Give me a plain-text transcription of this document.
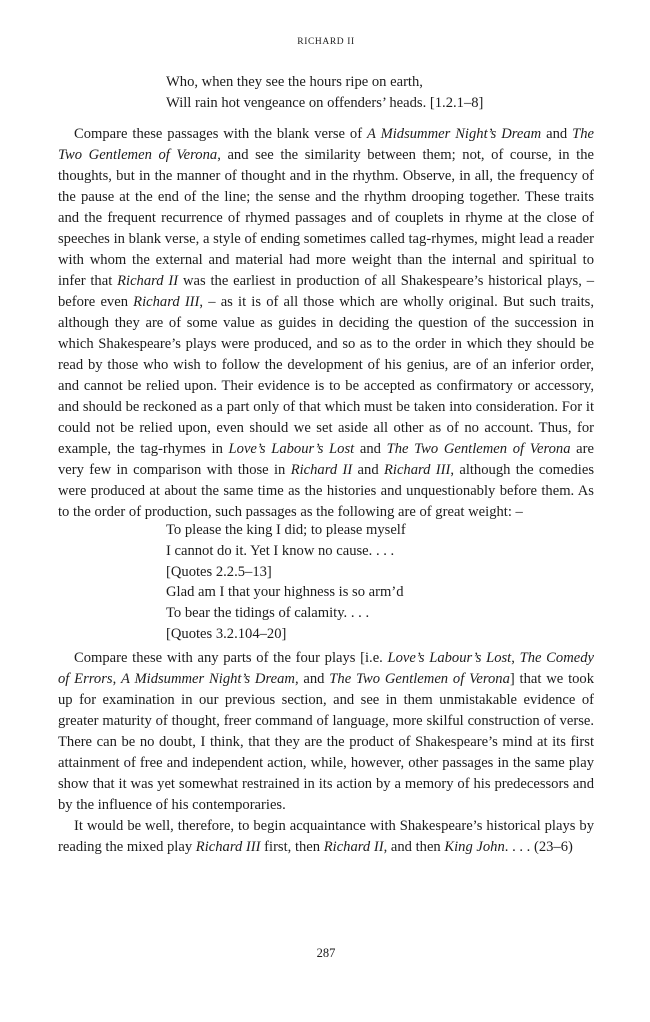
RICHARD II
Who, when they see the hours ripe on earth,
Will rain hot vengeance on offenders’ heads. [1.2.1–8]

Compare these passages with the blank verse of A Midsummer Night’s Dream and The Two Gentlemen of Verona, and see the similarity between them; not, of course, in the thoughts, but in the manner of thought and in the rhythm. Observe, in all, the frequency of the pause at the end of the line; the sense and the rhythm drooping together. These traits and the frequent recurrence of rhymed passages and of couplets in rhyme at the close of speeches in blank verse, a style of ending sometimes called tag-rhymes, might lead a reader with whom the external and material had more weight than the internal and spiritual to infer that Richard II was the earliest in production of all Shakespeare’s historical plays, – before even Richard III, – as it is of all those which are wholly original. But such traits, although they are of some value as guides in deciding the question of the succession in which Shakespeare’s plays were produced, and so as to the order in which they should be read by those who wish to follow the development of his genius, are of an inferior order, and cannot be relied upon. Their evidence is to be accepted as confirmatory or accessory, and should be reckoned as a part only of that which must be taken into consideration. For it could not be relied upon, even should we set aside all other as of no account. Thus, for example, the tag-rhymes in Love’s Labour’s Lost and The Two Gentlemen of Verona are very few in comparison with those in Richard II and Richard III, although the comedies were produced at about the same time as the histories and unquestionably before them. As to the order of production, such passages as the following are of great weight: –

To please the king I did; to please myself
I cannot do it. Yet I know no cause. . . .
[Quotes 2.2.5–13]
Glad am I that your highness is so arm’d
To bear the tidings of calamity. . . .
[Quotes 3.2.104–20]

Compare these with any parts of the four plays [i.e. Love’s Labour’s Lost, The Comedy of Errors, A Midsummer Night’s Dream, and The Two Gentlemen of Verona] that we took up for examination in our previous section, and see in them unmistakable evidence of greater maturity of thought, freer command of language, more skilful construction of verse. There can be no doubt, I think, that they are the product of Shakespeare’s mind at its first attainment of free and independent action, while, however, other passages in the same play show that it was yet somewhat restrained in its action by a memory of his predecessors and by the influence of his contemporaries.

It would be well, therefore, to begin acquaintance with Shakespeare’s historical plays by reading the mixed play Richard III first, then Richard II, and then King John. . . . (23–6)

287
